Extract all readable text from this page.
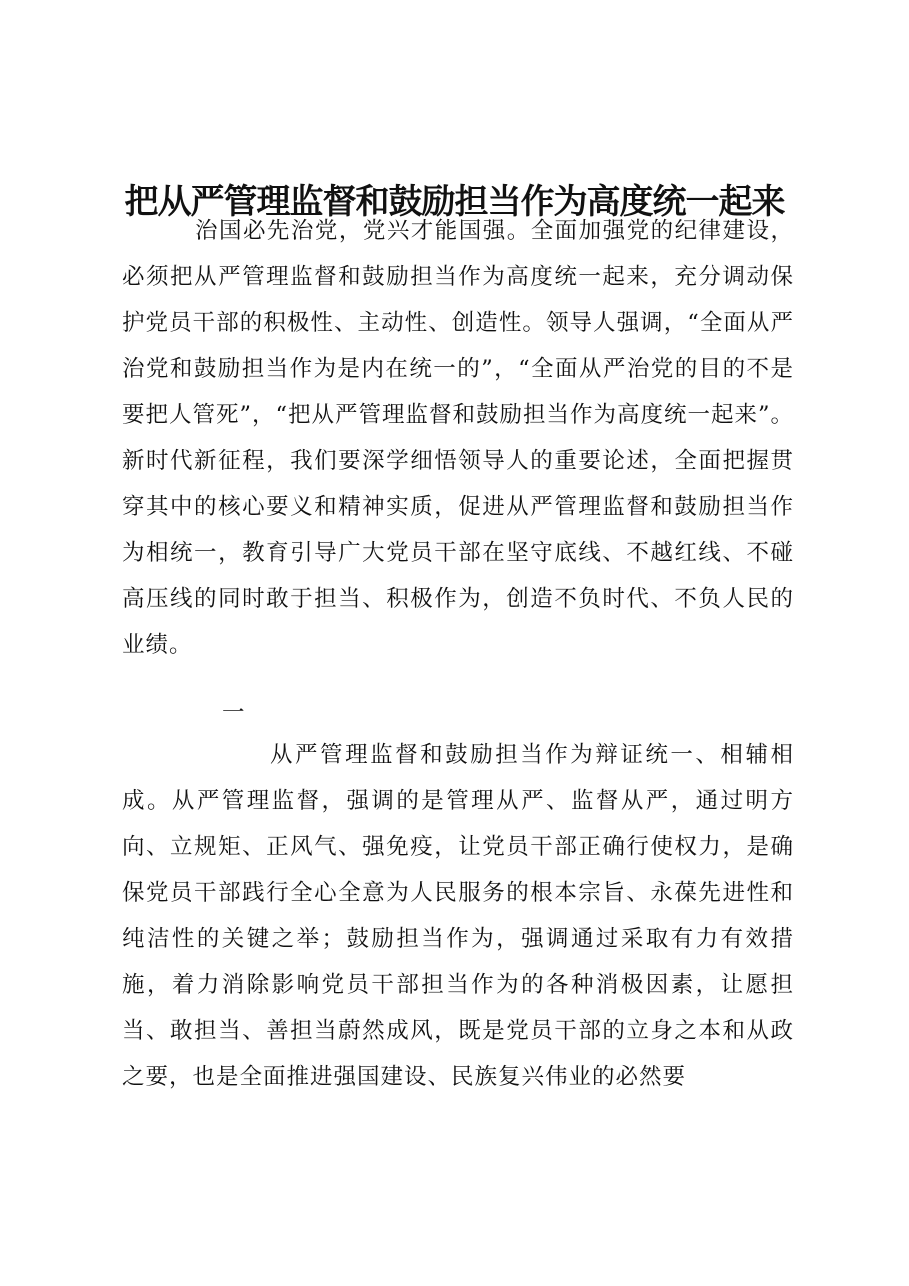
把从严管理监督和鼓励担当作为高度统一起来

治国必先治党，党兴才能国强。全面加强党的纪律建设，必须把从严管理监督和鼓励担当作为高度统一起来，充分调动保护党员干部的积极性、主动性、创造性。领导人强调，“全面从严治党和鼓励担当作为是内在统一的”，“全面从严治党的目的不是要把人管死”，“把从严管理监督和鼓励担当作为高度统一起来”。新时代新征程，我们要深学细悟领导人的重要论述，全面把握贯穿其中的核心要义和精神实质，促进从严管理监督和鼓励担当作为相统一，教育引导广大党员干部在坚守底线、不越红线、不碰高压线的同时敢于担当、积极作为，创造不负时代、不负人民的业绩。

一

从严管理监督和鼓励担当作为辩证统一、相辅相成。从严管理监督，强调的是管理从严、监督从严，通过明方向、立规矩、正风气、强免疫，让党员干部正确行使权力，是确保党员干部践行全心全意为人民服务的根本宗旨、永葆先进性和纯洁性的关键之举；鼓励担当作为，强调通过采取有力有效措施，着力消除影响党员干部担当作为的各种消极因素，让愿担当、敢担当、善担当蔚然成风，既是党员干部的立身之本和从政之要，也是全面推进强国建设、民族复兴伟业的必然要
